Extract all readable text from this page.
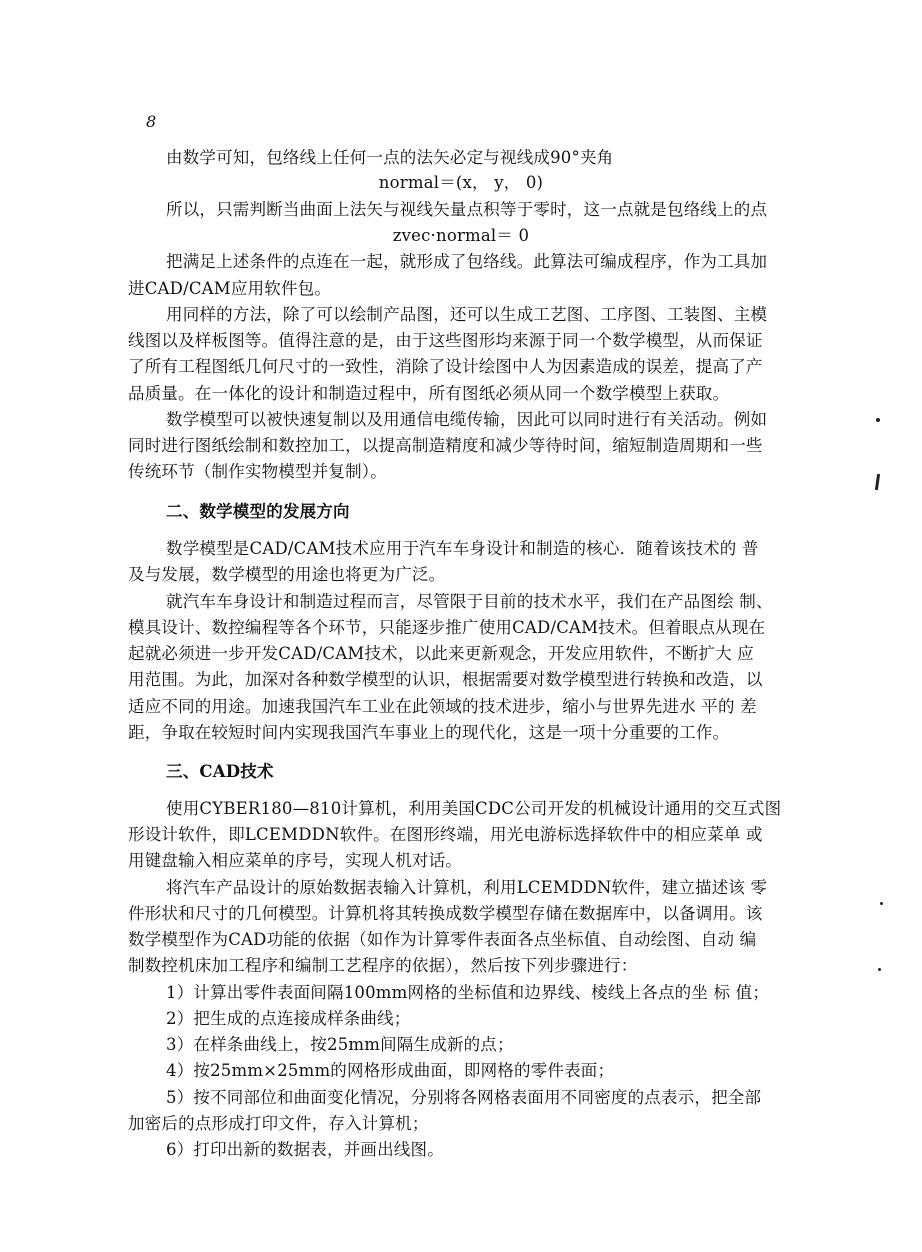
8
由数学可知，包络线上任何一点的法矢必定与视线成90°夹角
normal＝(x， y， 0)
所以，只需判断当曲面上法矢与视线矢量点积等于零时，这一点就是包络线上的点
zvec·normal＝ 0
把满足上述条件的点连在一起，就形成了包络线。此算法可编成程序，作为工具加
进CAD/CAM应用软件包。
用同样的方法，除了可以绘制产品图，还可以生成工艺图、工序图、工装图、主模
线图以及样板图等。值得注意的是，由于这些图形均来源于同一个数学模型，从而保证
了所有工程图纸几何尺寸的一致性，消除了设计绘图中人为因素造成的误差，提高了产
品质量。在一体化的设计和制造过程中，所有图纸必须从同一个数学模型上获取。
数学模型可以被快速复制以及用通信电缆传输，因此可以同时进行有关活动。例如
同时进行图纸绘制和数控加工，以提高制造精度和减少等待时间，缩短制造周期和一些
传统环节（制作实物模型并复制）。
二、数学模型的发展方向
数学模型是CAD/CAM技术应用于汽车车身设计和制造的核心．随着该技术的 普
及与发展，数学模型的用途也将更为广泛。
就汽车车身设计和制造过程而言，尽管限于目前的技术水平，我们在产品图绘 制、
模具设计、数控编程等各个环节，只能逐步推广使用CAD/CAM技术。但着眼点从现在
起就必须进一步开发CAD/CAM技术，以此来更新观念，开发应用软件，不断扩大 应
用范围。为此，加深对各种数学模型的认识，根据需要对数学模型进行转换和改造，以
适应不同的用途。加速我国汽车工业在此领域的技术进步，缩小与世界先进水 平的 差
距，争取在较短时间内实现我国汽车事业上的现代化，这是一项十分重要的工作。
三、CAD技术
使用CYBER180—810计算机，利用美国CDC公司开发的机械设计通用的交互式图
形设计软件，即LCEMDDN软件。在图形终端，用光电游标选择软件中的相应菜单 或
用键盘输入相应菜单的序号，实现人机对话。
将汽车产品设计的原始数据表输入计算机，利用LCEMDDN软件，建立描述该 零
件形状和尺寸的几何模型。计算机将其转换成数学模型存储在数据库中，以备调用。该
数学模型作为CAD功能的依据（如作为计算零件表面各点坐标值、自动绘图、自动 编
制数控机床加工程序和编制工艺程序的依据），然后按下列步骤进行：
1）计算出零件表面间隔100mm网格的坐标值和边界线、棱线上各点的坐 标 值；
2）把生成的点连接成样条曲线；
3）在样条曲线上，按25mm间隔生成新的点；
4）按25mm×25mm的网格形成曲面，即网格的零件表面；
5）按不同部位和曲面变化情况，分别将各网格表面用不同密度的点表示，把全部
加密后的点形成打印文件，存入计算机；
6）打印出新的数据表，并画出线图。
